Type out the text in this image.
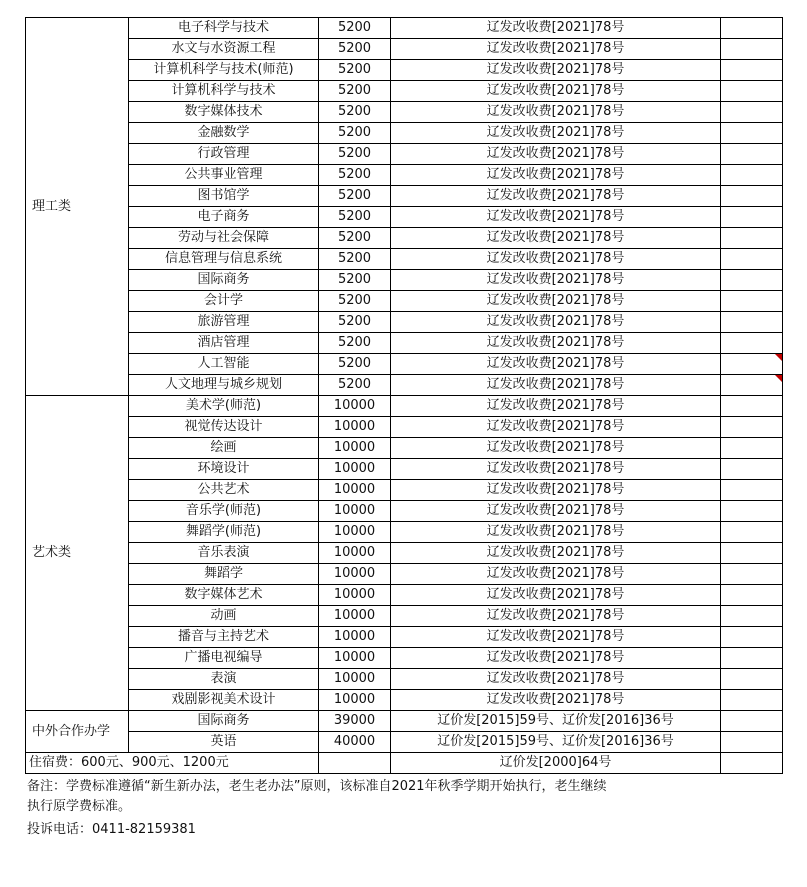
理工类	电子科学与技术	5200	辽发改收费[2021]78号	
	水文与水资源工程	5200	辽发改收费[2021]78号	
	计算机科学与技术(师范)	5200	辽发改收费[2021]78号	
	计算机科学与技术	5200	辽发改收费[2021]78号	
	数字媒体技术	5200	辽发改收费[2021]78号	
	金融数学	5200	辽发改收费[2021]78号	
	行政管理	5200	辽发改收费[2021]78号	
	公共事业管理	5200	辽发改收费[2021]78号	
	图书馆学	5200	辽发改收费[2021]78号	
	电子商务	5200	辽发改收费[2021]78号	
	劳动与社会保障	5200	辽发改收费[2021]78号	
	信息管理与信息系统	5200	辽发改收费[2021]78号	
	国际商务	5200	辽发改收费[2021]78号	
	会计学	5200	辽发改收费[2021]78号	
	旅游管理	5200	辽发改收费[2021]78号	
	酒店管理	5200	辽发改收费[2021]78号	
	人工智能	5200	辽发改收费[2021]78号	

	人文地理与城乡规划	5200	辽发改收费[2021]78号	

艺术类	美术学(师范)	10000	辽发改收费[2021]78号	
	视觉传达设计	10000	辽发改收费[2021]78号	
	绘画	10000	辽发改收费[2021]78号	
	环境设计	10000	辽发改收费[2021]78号	
	公共艺术	10000	辽发改收费[2021]78号	
	音乐学(师范)	10000	辽发改收费[2021]78号	
	舞蹈学(师范)	10000	辽发改收费[2021]78号	
	音乐表演	10000	辽发改收费[2021]78号	
	舞蹈学	10000	辽发改收费[2021]78号	
	数字媒体艺术	10000	辽发改收费[2021]78号	
	动画	10000	辽发改收费[2021]78号	
	播音与主持艺术	10000	辽发改收费[2021]78号	
	广播电视编导	10000	辽发改收费[2021]78号	
	表演	10000	辽发改收费[2021]78号	
	戏剧影视美术设计	10000	辽发改收费[2021]78号	
中外合作办学	国际商务	39000	辽价发[2015]59号、辽价发[2016]36号	
	英语	40000	辽价发[2015]59号、辽价发[2016]36号	
住宿费：600元、900元、1200元			辽价发[2000]64号	
备注：学费标准遵循“新生新办法，老生老办法”原则，该标准自2021年秋季学期开始执行，老生继续
执行原学费标准。
投诉电话：0411-82159381
